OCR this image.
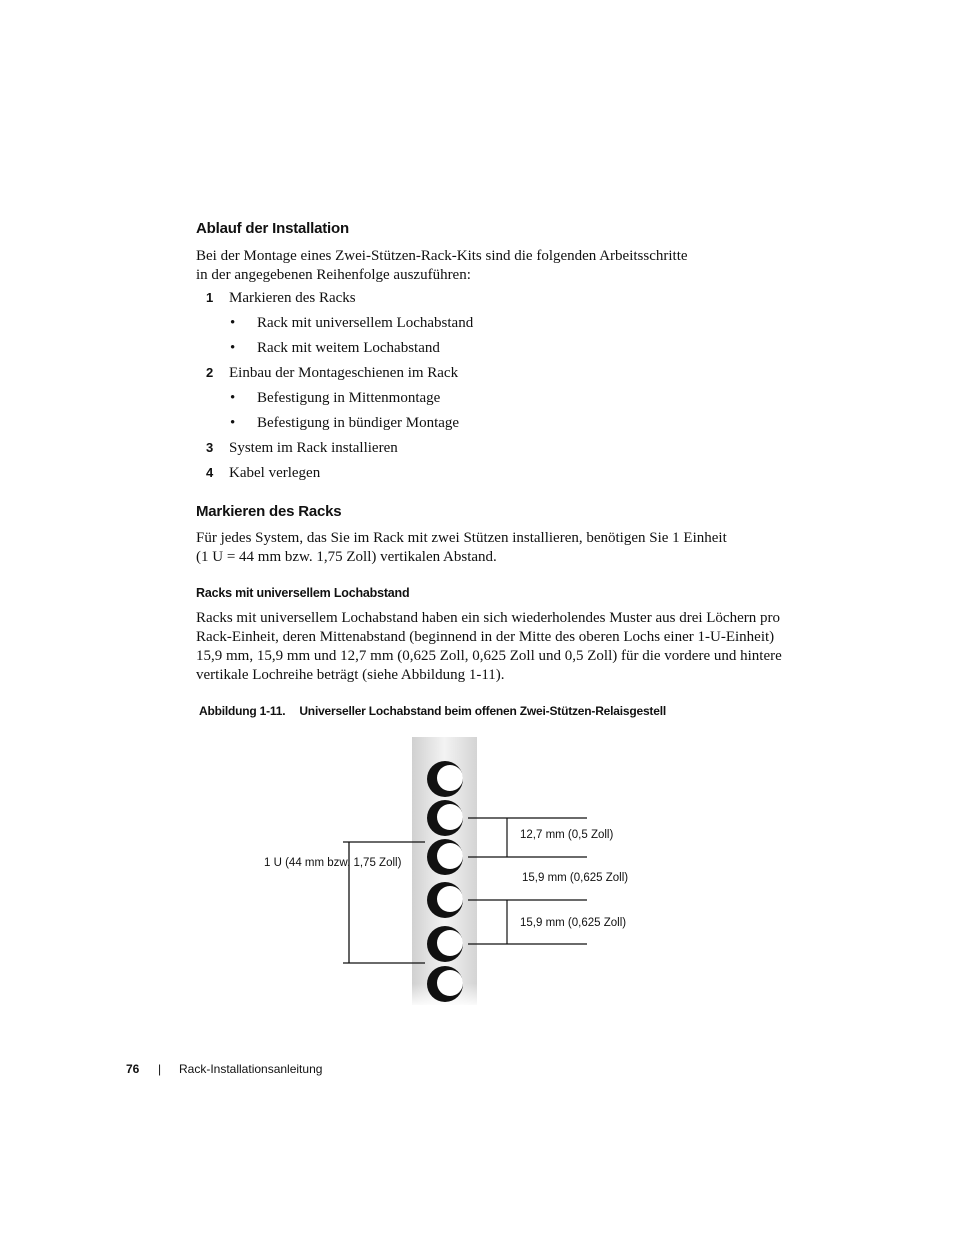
Ablauf der Installation
Bei der Montage eines Zwei-Stützen-Rack-Kits sind die folgenden Arbeitsschritte
in der angegebenen Reihenfolge auszuführen:
1 Markieren des Racks
• Rack mit universellem Lochabstand
• Rack mit weitem Lochabstand
2 Einbau der Montageschienen im Rack
• Befestigung in Mittenmontage
• Befestigung in bündiger Montage
3 System im Rack installieren
4 Kabel verlegen
Markieren des Racks
Für jedes System, das Sie im Rack mit zwei Stützen installieren, benötigen Sie 1 Einheit
(1 U = 44 mm bzw. 1,75 Zoll) vertikalen Abstand.
Racks mit universellem Lochabstand
Racks mit universellem Lochabstand haben ein sich wiederholendes Muster aus drei Löchern pro
Rack-Einheit, deren Mittenabstand (beginnend in der Mitte des oberen Lochs einer 1-U-Einheit)
15,9 mm, 15,9 mm und 12,7 mm (0,625 Zoll, 0,625 Zoll und 0,5 Zoll) für die vordere und hintere
vertikale Lochreihe beträgt (siehe Abbildung 1-11).
Abbildung 1-11. Universeller Lochabstand beim offenen Zwei-Stützen-Relaisgestell
1 U (44 mm bzw. 1,75 Zoll)
12,7 mm (0,5 Zoll)
15,9 mm (0,625 Zoll)
15,9 mm (0,625 Zoll)
76 | Rack-Installationsanleitung
